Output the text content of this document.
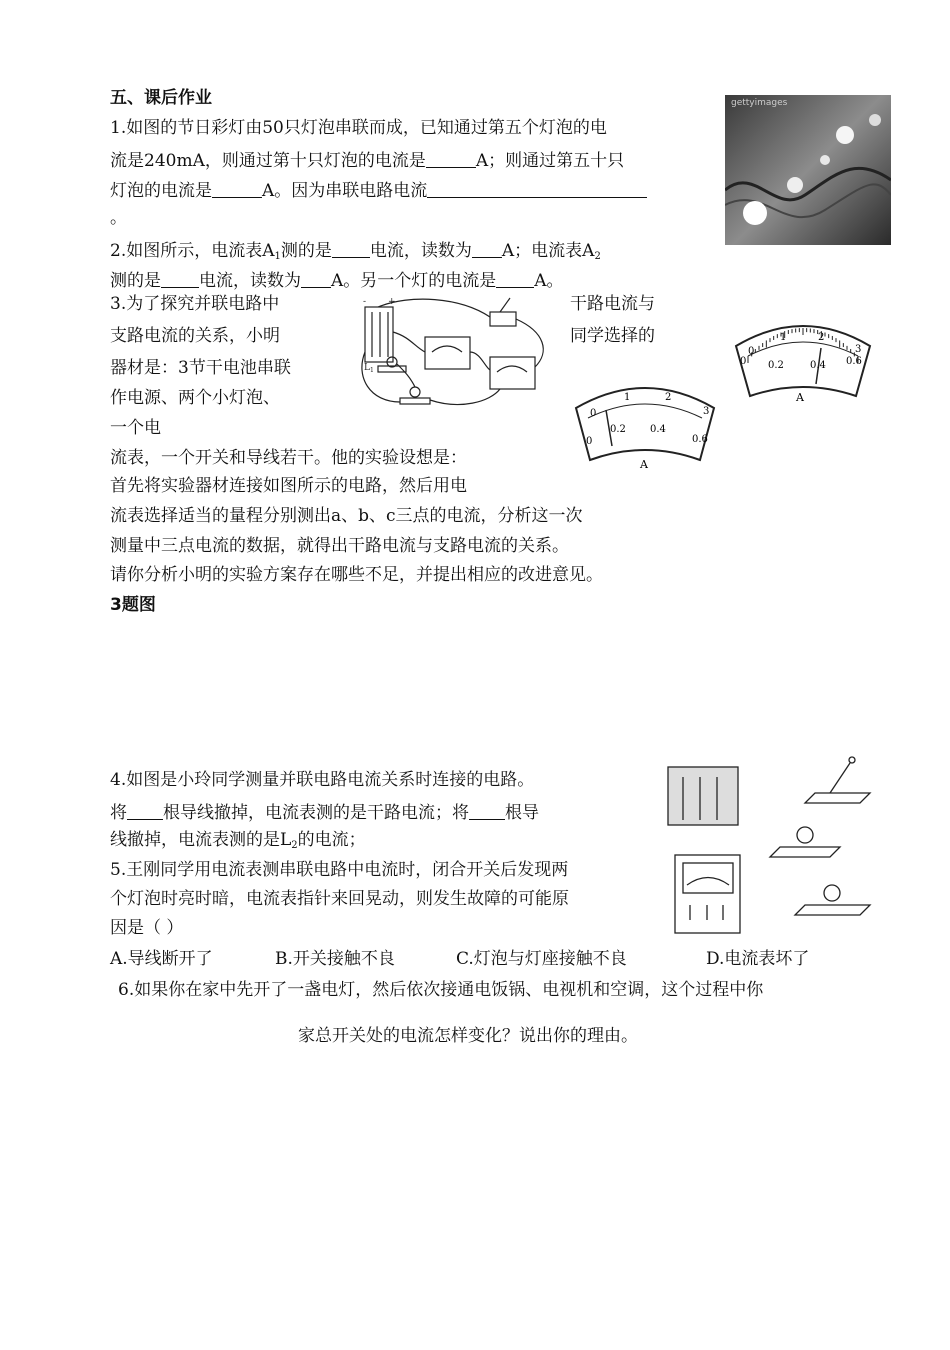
五、课后作业
1.如图的节日彩灯由50只灯泡串联而成，已知通过第五个灯泡的电
流是240mA，则通过第十只灯泡的电流是	A；则通过第五十只
灯泡的电流是	A。因为串联电路电流
。
gettyimages
2.如图所示，电流表$A_1$测的是 电流，读数为 A；电流表$A_2$
测的是 电流，读数为 A。另一个灯的电流是 A。
3.为了探究并联电路中	干路电流与
支路电流的关系，小明	同学选择的
器材是：3节干电池串联
作电源、两个小灯泡、
一个电
流表，一个开关和导线若干。他的实验设想是：
首先将实验器材连接如图所示的电路，然后用电
流表选择适当的量程分别测出a、b、c三点的电流，分析这一次
测量中三点电流的数据，就得出干路电流与支路电流的关系。
请你分析小明的实验方案存在哪些不足，并提出相应的改进意见。
3题图
- +
$L_1$
0
1	2
3
0 0.2	0.4 0.6
A
0
1	2
3
0
0.2 0.4
0.6
A
4.如图是小玲同学测量并联电路电流关系时连接的电路。
将 根导线撤掉，电流表测的是干路电流；将 根导
线撤掉，电流表测的是$L_2$的电流；
5.王刚同学用电流表测串联电路中电流时，闭合开关后发现两
个灯泡时亮时暗，电流表指针来回晃动，则发生故障的可能原
因是（ ）
A.导线断开了	B.开关接触不良	C.灯泡与灯座接触不良	D.电流表坏了
6.如果你在家中先开了一盏电灯，然后依次接通电饭锅、电视机和空调，这个过程中你
家总开关处的电流怎样变化？说出你的理由。
